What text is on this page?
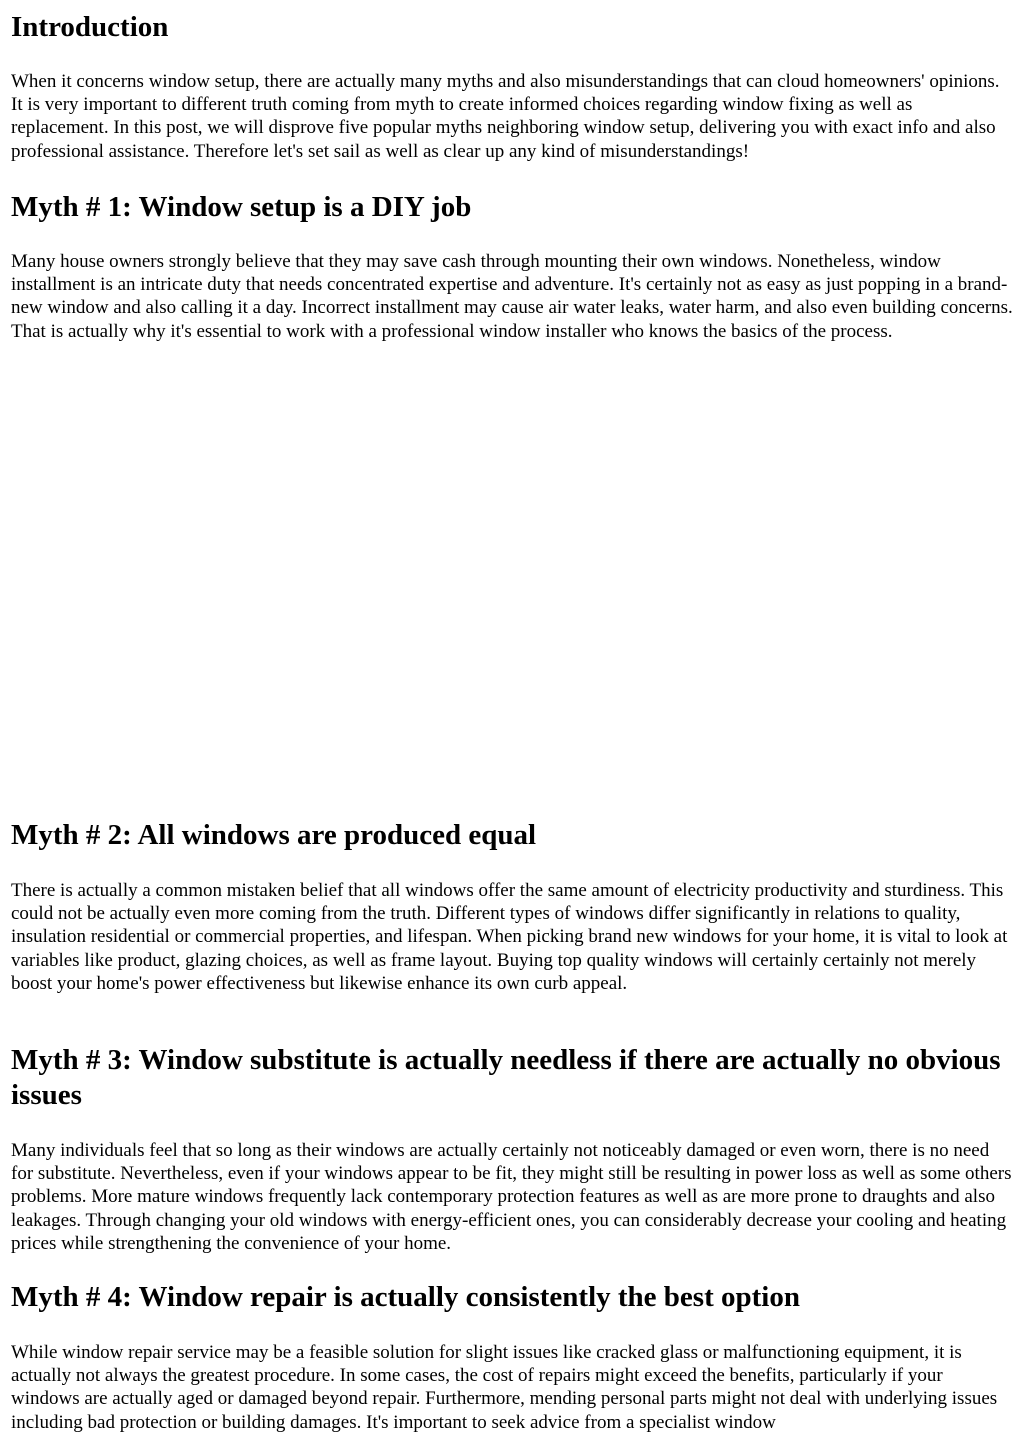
Introduction

When it concerns window setup, there are actually many myths and also misunderstandings that can cloud homeowners' opinions. It is very important to different truth coming from myth to create informed choices regarding window fixing as well as replacement. In this post, we will disprove five popular myths neighboring window setup, delivering you with exact info and also professional assistance. Therefore let's set sail as well as clear up any kind of misunderstandings!

Myth # 1: Window setup is a DIY job

Many house owners strongly believe that they may save cash through mounting their own windows. Nonetheless, window installment is an intricate duty that needs concentrated expertise and adventure. It's certainly not as easy as just popping in a brand-new window and also calling it a day. Incorrect installment may cause air water leaks, water harm, and also even building concerns. That is actually why it's essential to work with a professional window installer who knows the basics of the process.

Myth # 2: All windows are produced equal

There is actually a common mistaken belief that all windows offer the same amount of electricity productivity and sturdiness. This could not be actually even more coming from the truth. Different types of windows differ significantly in relations to quality, insulation residential or commercial properties, and lifespan. When picking brand new windows for your home, it is vital to look at variables like product, glazing choices, as well as frame layout. Buying top quality windows will certainly certainly not merely boost your home's power effectiveness but likewise enhance its own curb appeal.

Myth # 3: Window substitute is actually needless if there are actually no obvious issues

Many individuals feel that so long as their windows are actually certainly not noticeably damaged or even worn, there is no need for substitute. Nevertheless, even if your windows appear to be fit, they might still be resulting in power loss as well as some others problems. More mature windows frequently lack contemporary protection features as well as are more prone to draughts and also leakages. Through changing your old windows with energy-efficient ones, you can considerably decrease your cooling and heating prices while strengthening the convenience of your home.

Myth # 4: Window repair is actually consistently the best option

While window repair service may be a feasible solution for slight issues like cracked glass or malfunctioning equipment, it is actually not always the greatest procedure. In some cases, the cost of repairs might exceed the benefits, particularly if your windows are actually aged or damaged beyond repair. Furthermore, mending personal parts might not deal with underlying issues including bad protection or building damages. It's important to seek advice from a specialist window
